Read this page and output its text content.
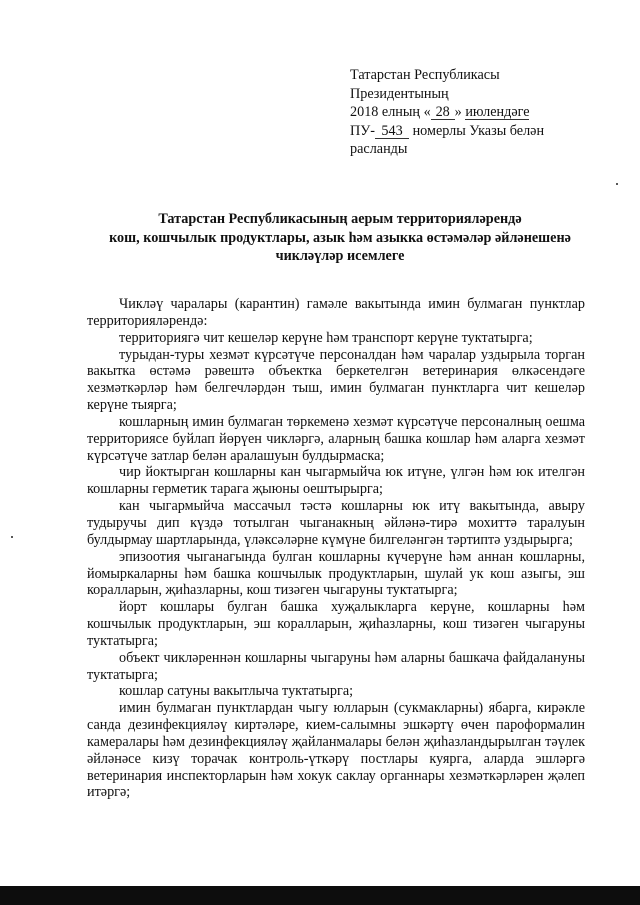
Татарстан Республикасы
Президентының
2018 елның « 28 » июлендәге
ПУ- 543 номерлы Указы белән
расланды
Татарстан Республикасының аерым территорияләрендә
кош, кошчылык продуктлары, азык һәм азыкка өстәмәләр әйләнешенә
чикләүләр исемлеге

Чикләү чаралары (карантин) гамәле вакытында имин булмаган пунктлар территорияләрендә:

территориягә чит кешеләр керүне һәм транспорт керүне туктатырга;

турыдан-туры хезмәт күрсәтүче персоналдан һәм чаралар уздырыла торган вакытка өстәмә рәвештә объектка беркетелгән ветеринария өлкәсендәге хезмәткәрләр һәм белгечләрдән тыш, имин булмаган пунктларга чит кешеләр керүне тыярга;

кошларның имин булмаган төркеменә хезмәт күрсәтүче персоналның оешма территориясе буйлап йөрүен чикләргә, аларның башка кошлар һәм аларга хезмәт күрсәтүче затлар белән аралашуын булдырмаска;

чир йоктырган кошларны кан чыгармыйча юк итүне, үлгән һәм юк ителгән кошларны герметик тарага җыюны оештырырга;

кан чыгармыйча массачыл тәстә кошларны юк итү вакытында, авыру тудыручы дип күздә тотылган чыганакның әйләнә-тирә мохиттә таралуын булдырмау шартларында, үләксәләрне күмүне билгеләнгән тәртиптә уздырырга;

эпизоотия чыганагында булган кошларны күчерүне һәм аннан кошларны, йомыркаларны һәм башка кошчылык продуктларын, шулай ук кош азыгы, эш коралларын, җиһазларны, кош тизәген чыгаруны туктатырга;

йорт кошлары булган башка хуҗалыкларга керүне, кошларны һәм кошчылык продуктларын, эш коралларын, җиһазларны, кош тизәген чыгаруны туктатырга;

объект чикләреннән кошларны чыгаруны һәм аларны башкача файдалануны туктатырга;

кошлар сатуны вакытлыча туктатырга;

имин булмаган пунктлардан чыгу юлларын (сукмакларны) ябарга, кирәкле санда дезинфекцияләү киртәләре, кием-салымны эшкәртү өчен пароформалин камералары һәм дезинфекцияләү җайланмалары белән җиһазландырылган тәүлек әйләнәсе кизү торачак контроль-үткәрү постлары куярга, аларда эшләргә ветеринария инспекторларын һәм хокук саклау органнары хезмәткәрләрен җәлеп итәргә;
